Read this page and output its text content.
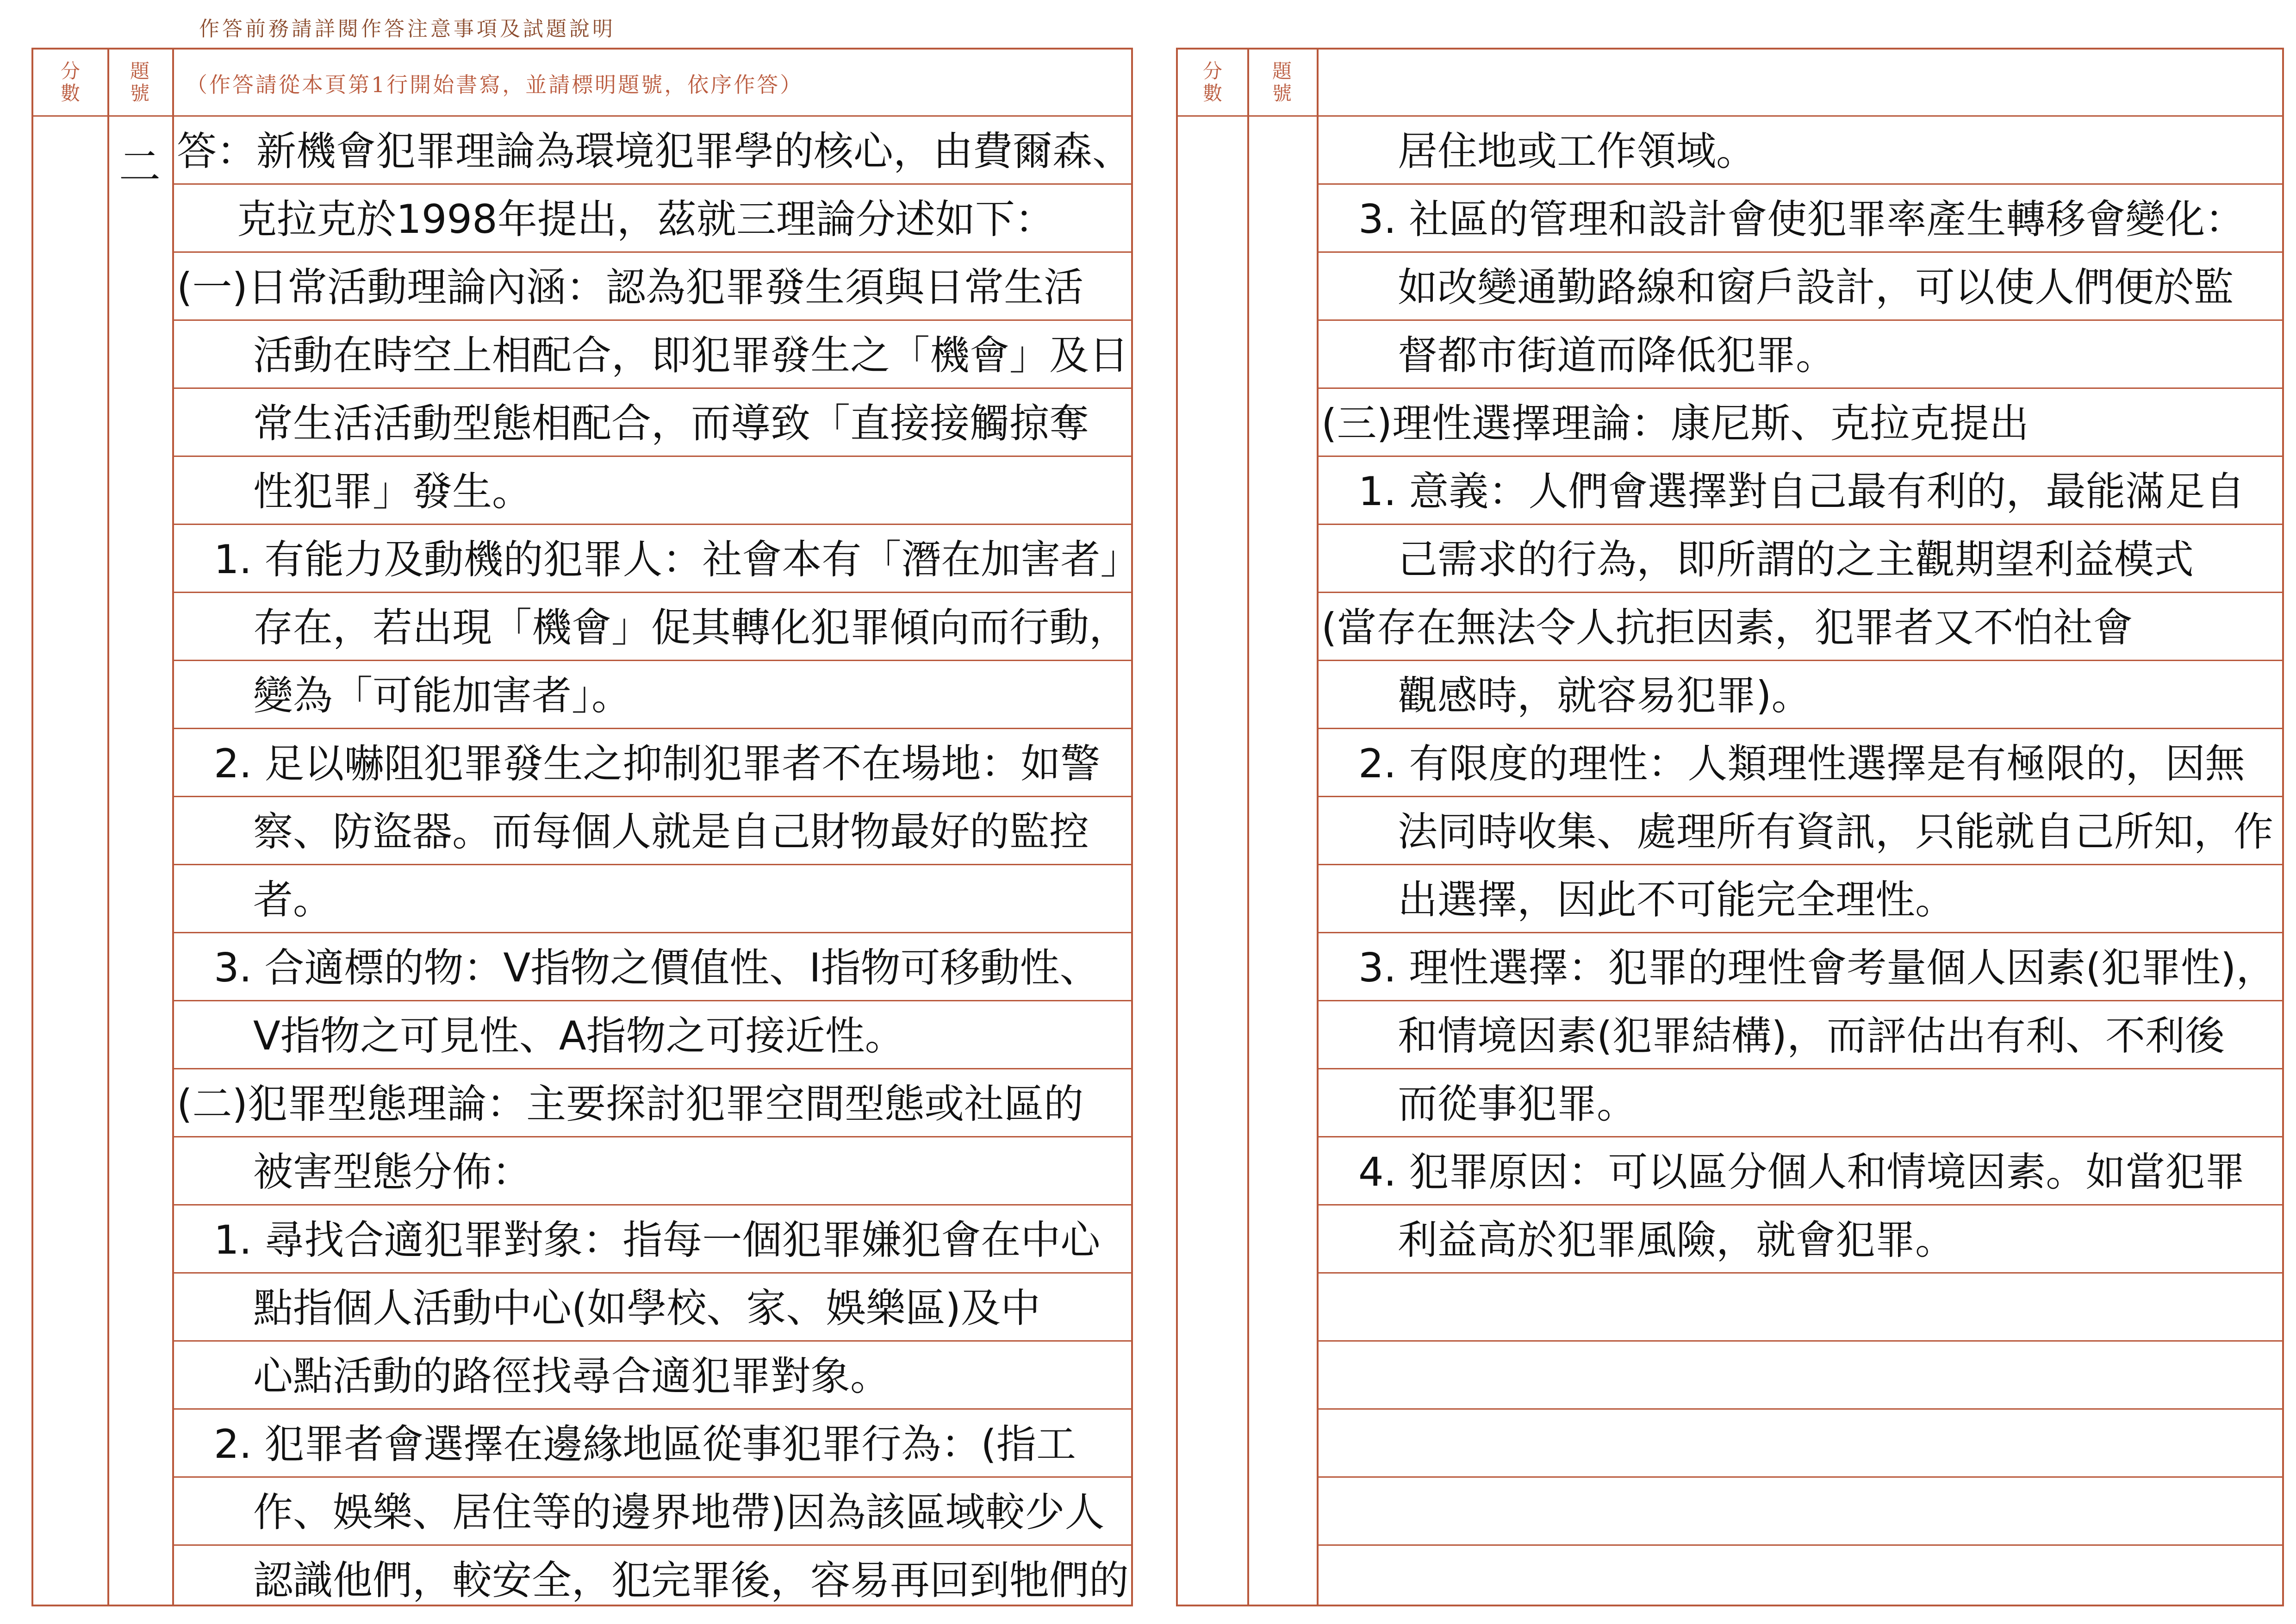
作答前務請詳閱作答注意事項及試題說明
分
數
題
號 （作答請從本頁第1行開始書寫，並請標明題號，依序作答）
二 答：新機會犯罪理論為環境犯罪學的核心，由費爾森、
克拉克於1998年提出，茲就三理論分述如下：
(一)日常活動理論內涵：認為犯罪發生須與日常生活
活動在時空上相配合，即犯罪發生之「機會」及日
常生活活動型態相配合，而導致「直接接觸掠奪
性犯罪」發生。
1. 有能力及動機的犯罪人：社會本有「潛在加害者」
存在，若出現「機會」促其轉化犯罪傾向而行動，
變為「可能加害者」。
2. 足以嚇阻犯罪發生之抑制犯罪者不在場地：如警
察、防盜器。而每個人就是自己財物最好的監控
者。
3. 合適標的物：V指物之價值性、I指物可移動性、
V指物之可見性、A指物之可接近性。
(二)犯罪型態理論：主要探討犯罪空間型態或社區的
被害型態分佈：
1. 尋找合適犯罪對象：指每一個犯罪嫌犯會在中心
點指個人活動中心(如學校、家、娛樂區)及中
心點活動的路徑找尋合適犯罪對象。
2. 犯罪者會選擇在邊緣地區從事犯罪行為：(指工
作、娛樂、居住等的邊界地帶)因為該區域較少人
認識他們，較安全，犯完罪後，容易再回到牠們的
分
數
題
號
居住地或工作領域。
3. 社區的管理和設計會使犯罪率產生轉移會變化：
如改變通勤路線和窗戶設計，可以使人們便於監
督都市街道而降低犯罪。
(三)理性選擇理論：康尼斯、克拉克提出
1. 意義：人們會選擇對自己最有利的，最能滿足自
己需求的行為，即所謂的之主觀期望利益模式
(當存在無法令人抗拒因素，犯罪者又不怕社會
觀感時，就容易犯罪)。
2. 有限度的理性：人類理性選擇是有極限的，因無
法同時收集、處理所有資訊，只能就自己所知，作
出選擇，因此不可能完全理性。
3. 理性選擇：犯罪的理性會考量個人因素(犯罪性)，
和情境因素(犯罪結構)，而評估出有利、不利後
而從事犯罪。
4. 犯罪原因：可以區分個人和情境因素。如當犯罪
利益高於犯罪風險，就會犯罪。
